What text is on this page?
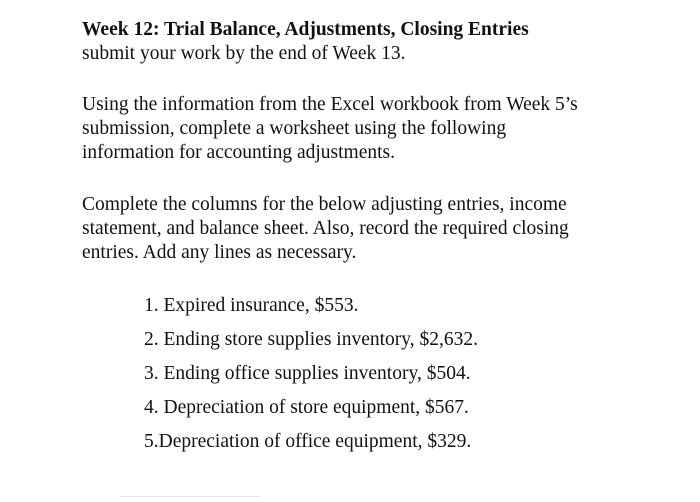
Week 12: Trial Balance, Adjustments, Closing Entries

submit your work by the end of Week 13.

Using the information from the Excel workbook from Week 5’s
submission, complete a worksheet using the following
information for accounting adjustments.
Complete the columns for the below adjusting entries, income
statement, and balance sheet. Also, record the required closing
entries. Add any lines as necessary.
1. Expired insurance, $553.
2. Ending store supplies inventory, $2,632.
3. Ending office supplies inventory, $504.
4. Depreciation of store equipment, $567.
5.Depreciation of office equipment, $329.
